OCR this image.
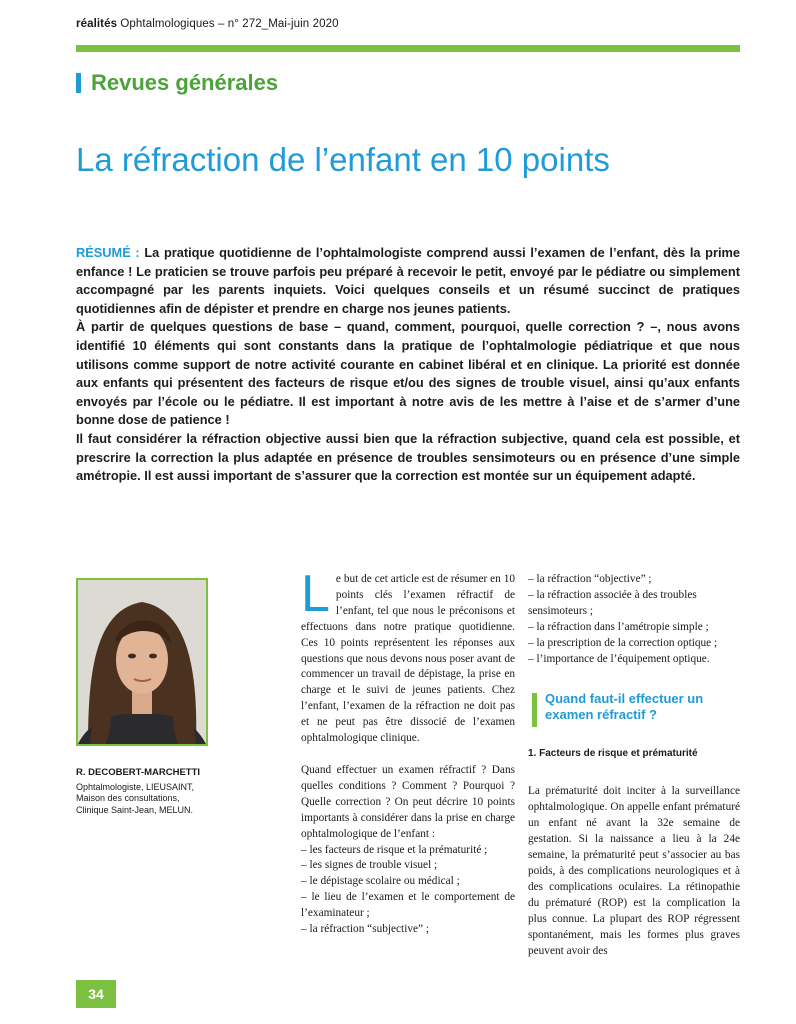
réalités Ophtalmologiques – n° 272_Mai-juin 2020
Revues générales
La réfraction de l’enfant en 10 points

RÉSUMÉ : La pratique quotidienne de l’ophtalmologiste comprend aussi l’examen de l’enfant, dès la prime enfance ! Le praticien se trouve parfois peu préparé à recevoir le petit, envoyé par le pédiatre ou simplement accompagné par les parents inquiets. Voici quelques conseils et un résumé succinct de pratiques quotidiennes afin de dépister et prendre en charge nos jeunes patients.

À partir de quelques questions de base – quand, comment, pourquoi, quelle correction ? –, nous avons identifié 10 éléments qui sont constants dans la pratique de l’ophtalmologie pédiatrique et que nous utilisons comme support de notre activité courante en cabinet libéral et en clinique. La priorité est donnée aux enfants qui présentent des facteurs de risque et/ou des signes de trouble visuel, ainsi qu’aux enfants envoyés par l’école ou le pédiatre. Il est important à notre avis de les mettre à l’aise et de s’armer d’une bonne dose de patience !

Il faut considérer la réfraction objective aussi bien que la réfraction subjective, quand cela est possible, et prescrire la correction la plus adaptée en présence de troubles sensimoteurs ou en présence d’une simple amétropie. Il est aussi important de s’assurer que la correction est montée sur un équipement adapté.

R. DECOBERT-MARCHETTI
Ophtalmologiste, LIEUSAINT,
Maison des consultations,
Clinique Saint-Jean, MELUN.

Le but de cet article est de résumer en 10 points clés l’examen réfractif de l’enfant, tel que nous le préconisons et effectuons dans notre pratique quotidienne. Ces 10 points représentent les réponses aux questions que nous devons nous poser avant de commencer un travail de dépistage, la prise en charge et le suivi de jeunes patients. Chez l’enfant, l’examen de la réfraction ne doit pas et ne peut pas être dissocié de l’examen ophtalmologique clinique.

Quand effectuer un examen réfractif ? Dans quelles conditions ? Comment ? Pourquoi ? Quelle correction ? On peut décrire 10 points importants à considérer dans la prise en charge ophtalmologique de l’enfant :

– les facteurs de risque et la prématurité ;
– les signes de trouble visuel ;
– le dépistage scolaire ou médical ;
– le lieu de l’examen et le comportement de l’examinateur ;
– la réfraction “subjective” ;
– la réfraction “objective” ;
– la réfraction associée à des troubles sensimoteurs ;
– la réfraction dans l’amétropie simple ;
– la prescription de la correction optique ;
– l’importance de l’équipement optique.
Quand faut-il effectuer un examen réfractif ?
1. Facteurs de risque et prématurité

La prématurité doit inciter à la surveillance ophtalmologique. On appelle enfant prématuré un enfant né avant la 32e semaine de gestation. Si la naissance a lieu à la 24e semaine, la prématurité peut s’associer au bas poids, à des complications neurologiques et à des complications oculaires. La rétinopathie du prématuré (ROP) est la complication la plus connue. La plupart des ROP régressent spontanément, mais les formes plus graves peuvent avoir des

34
